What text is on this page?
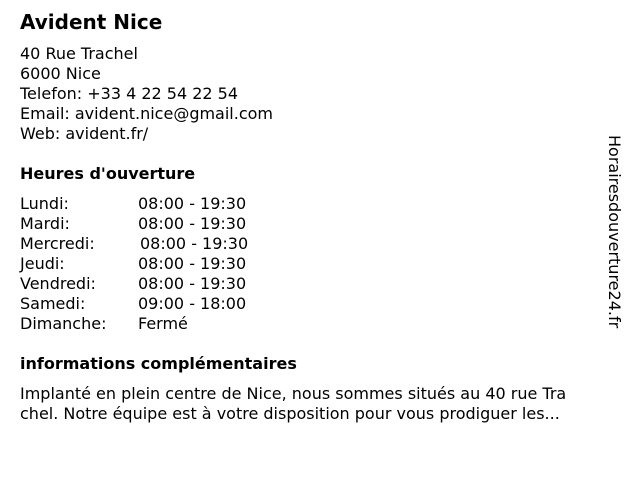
Avident Nice
40 Rue Trachel
6000 Nice
Telefon: +33 4 22 54 22 54
Email: avident.nice@gmail.com
Web: avident.fr/
Heures d'ouverture
Lundi:	08:00 - 19:30
Mardi:	08:00 - 19:30
Mercredi:	08:00 - 19:30
Jeudi:	08:00 - 19:30
Vendredi:	08:00 - 19:30
Samedi:	09:00 - 18:00
Dimanche: Fermé
informations complémentaires
Implanté en plein centre de Nice, nous sommes situés au 40 rue Tra
chel. Notre équipe est à votre disposition pour vous prodiguer les...
Horairesdouverture24.fr
